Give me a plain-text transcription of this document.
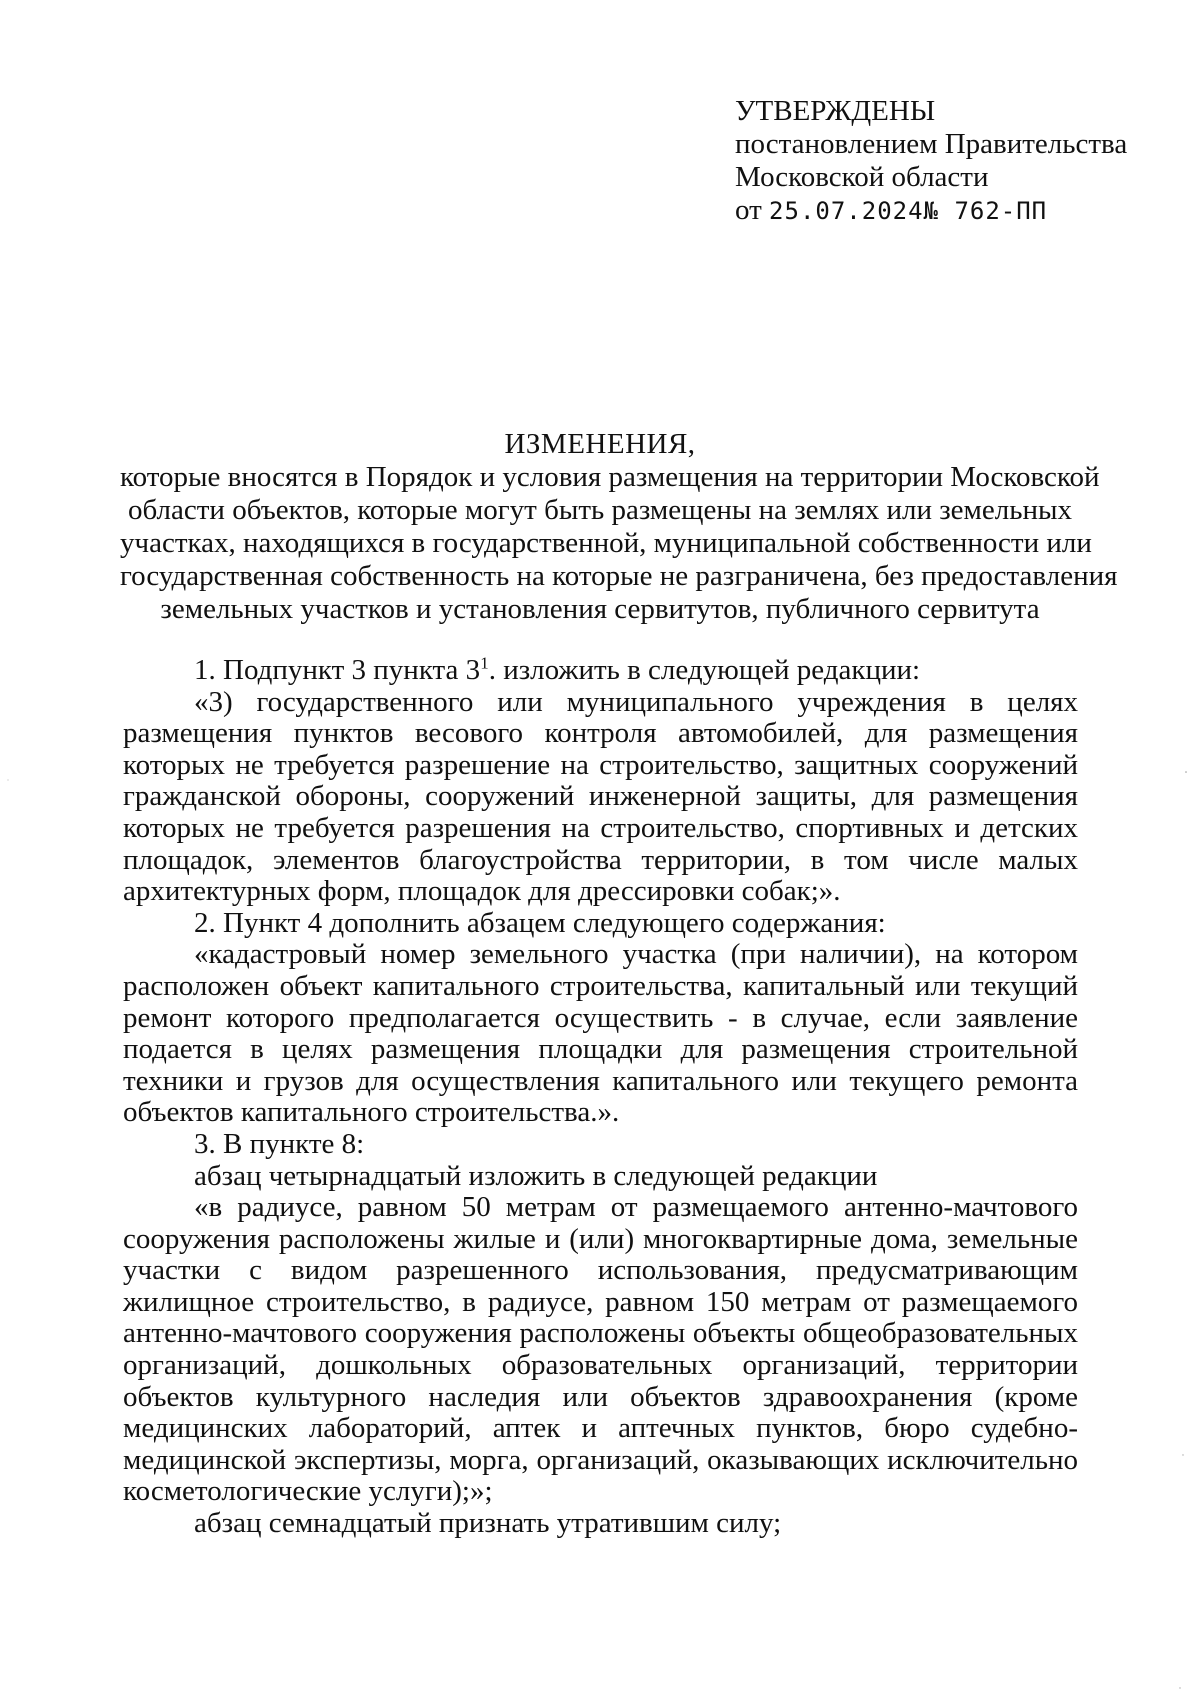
УТВЕРЖДЕНЫ
постановлением Правительства
Московской области
от 25.07.2024№ 762-ПП
ИЗМЕНЕНИЯ,
которые вносятся в Порядок и условия размещения на территории Московской
области объектов, которые могут быть размещены на землях или земельных
участках, находящихся в государственной, муниципальной собственности или
государственная собственность на которые не разграничена, без предоставления
земельных участков и установления сервитутов, публичного сервитута

1. Подпункт 3 пункта $3^1$. изложить в следующей редакции:

«3) государственного или муниципального учреждения в целях размещения пунктов весового контроля автомобилей, для размещения которых не требуется разрешение на строительство, защитных сооружений гражданской обороны, сооружений инженерной защиты, для размещения которых не требуется разрешения на строительство, спортивных и детских площадок, элементов благоустройства территории, в том числе малых архитектурных форм, площадок для дрессировки собак;».

2. Пункт 4 дополнить абзацем следующего содержания:

«кадастровый номер земельного участка (при наличии), на котором расположен объект капитального строительства, капитальный или текущий ремонт которого предполагается осуществить - в случае, если заявление подается в целях размещения площадки для размещения строительной техники и грузов для осуществления капитального или текущего ремонта объектов капитального строительства.».

3. В пункте 8:

абзац четырнадцатый изложить в следующей редакции

«в радиусе, равном 50 метрам от размещаемого антенно-мачтового сооружения расположены жилые и (или) многоквартирные дома, земельные участки с видом разрешенного использования, предусматривающим жилищное строительство, в радиусе, равном 150 метрам от размещаемого антенно-мачтового сооружения расположены объекты общеобразовательных организаций, дошкольных образовательных организаций, территории объектов культурного наследия или объектов здравоохранения (кроме медицинских лабораторий, аптек и аптечных пунктов, бюро судебно-медицинской экспертизы, морга, организаций, оказывающих исключительно косметологические услуги);»;

абзац семнадцатый признать утратившим силу;
